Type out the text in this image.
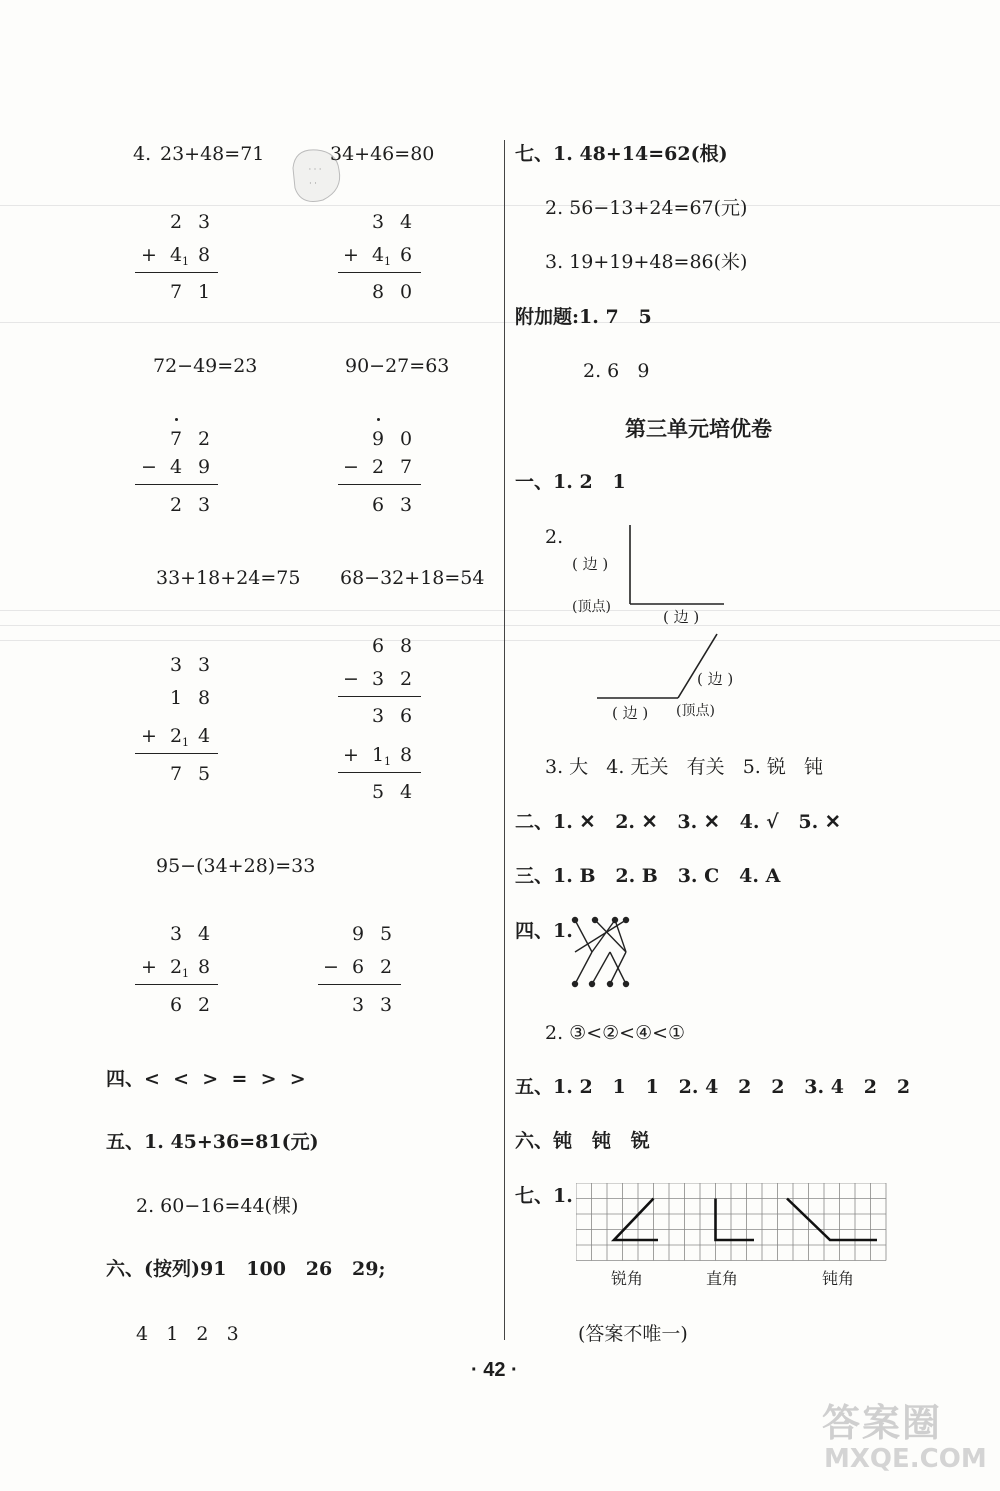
· · ·
· ·
4. 23+48=71	34+46=80
2 3
+ 4 1 8
7 1
3 4
+ 4 1 6
8 0
72−49=23	90−27=63
7 2
− 4 9
2 3
9 0
− 2 7
6 3
33+18+24=75 68−32+18=54
3 3
1 8
+ 2 1 4
7 5
6 8
− 3 2
3 6
+ 1 1 8
5 4
95−(34+28)=33
3 4
+ 2 1 8
6 2
9 5
− 6 2
3 3
四、<  <  >  =  >  >
五、1. 45+36=81(元)
2. 60−16=44(棵)
六、(按列)91   100   26   29;
4   1   2   3
七、1. 48+14=62(根)
2. 56−13+24=67(元)
3. 19+19+48=86(米)
附加题:1. 7   5
2. 6   9
第三单元培优卷
一、1. 2   1
2.
( 边 )
(顶点)
( 边 )
( 边 )
( 边 ) (顶点)
3. 大   4. 无关   有关   5. 锐   钝
二、1. ✕   2. ✕   3. ✕   4. √   5. ✕
三、1. B   2. B   3. C   4. A
四、1.
2. ③<②<④<①
五、1. 2   1   1   2. 4   2   2   3. 4   2   2
六、钝   钝   锐
七、1.
锐角	直角	钝角
(答案不唯一)
· 42 ·
答案圈
MXQE.COM
